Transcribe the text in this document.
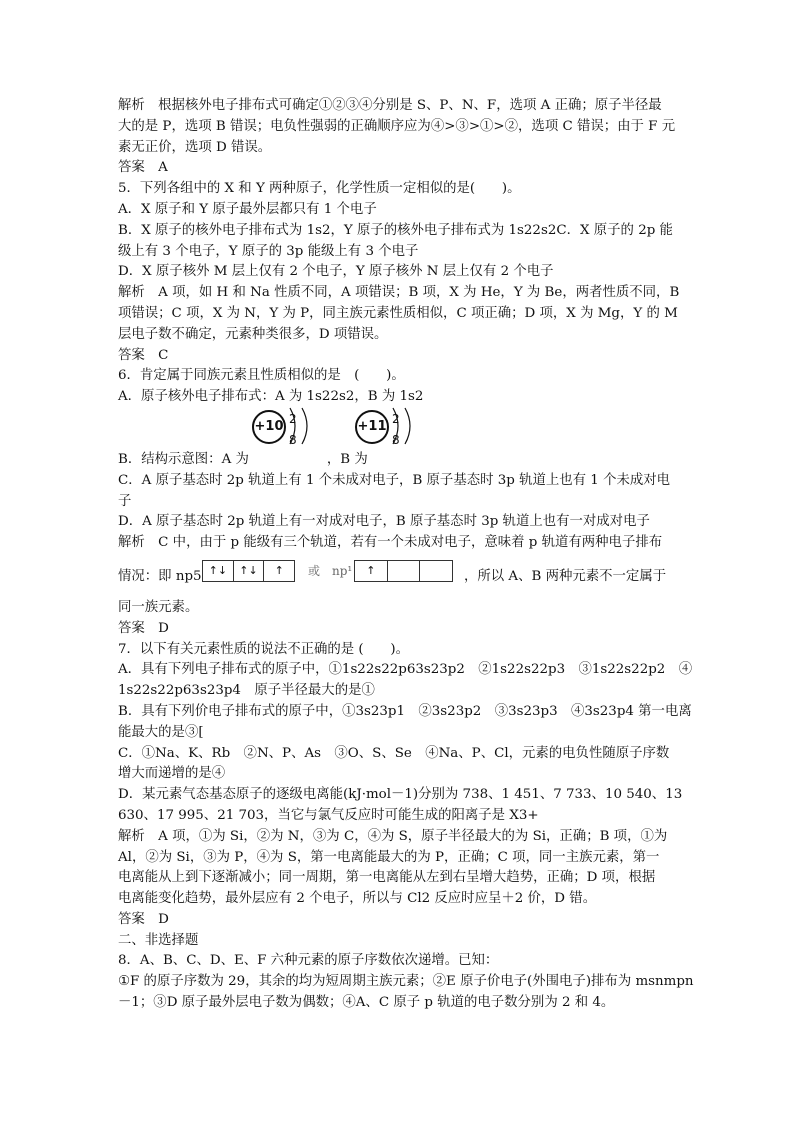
解析　根据核外电子排布式可确定①②③④分别是 S、P、N、F，选项 A 正确；原子半径最
大的是 P，选项 B 错误；电负性强弱的正确顺序应为④>③>①>②，选项 C 错误；由于 F 元
素无正价，选项 D 错误。
答案　A
5．下列各组中的 X 和 Y 两种原子，化学性质一定相似的是(　　)。
A．X 原子和 Y 原子最外层都只有 1 个电子
B．X 原子的核外电子排布式为 1s2，Y 原子的核外电子排布式为 1s22s2C．X 原子的 2p 能
级上有 3 个电子，Y 原子的 3p 能级上有 3 个电子
D．X 原子核外 M 层上仅有 2 个电子，Y 原子核外 N 层上仅有 2 个电子
解析　A 项，如 H 和 Na 性质不同，A 项错误；B 项，X 为 He，Y 为 Be，两者性质不同，B
项错误；C 项，X 为 N，Y 为 P，同主族元素性质相似，C 项正确；D 项，X 为 Mg，Y 的 M
层电子数不确定，元素种类很多，D 项错误。
答案　C
6．肯定属于同族元素且性质相似的是　(　　)。
A．原子核外电子排布式：A 为 1s22s2，B 为 1s2
+10 2 8
+11 2 8
B．结构示意图：A 为	，B 为
C．A 原子基态时 2p 轨道上有 1 个未成对电子，B 原子基态时 3p 轨道上也有 1 个未成对电
子
D．A 原子基态时 2p 轨道上有一对成对电子，B 原子基态时 3p 轨道上也有一对成对电子
解析　C 中，由于 p 能级有三个轨道，若有一个未成对电子，意味着 p 轨道有两种电子排布
情况：即 np5 ↑↓	↑↓	↑	或 np¹	↑	，所以 A、B 两种元素不一定属于
同一族元素。
答案　D
7．以下有关元素性质的说法不正确的是 (　　)。
A．具有下列电子排布式的原子中，①1s22s22p63s23p2　②1s22s22p3　③1s22s22p2　④
1s22s22p63s23p4　原子半径最大的是①
B．具有下列价电子排布式的原子中，①3s23p1　②3s23p2　③3s23p3　④3s23p4 第一电离
能最大的是③[
C．①Na、K、Rb　②N、P、As　③O、S、Se　④Na、P、Cl，元素的电负性随原子序数
增大而递增的是④
D．某元素气态基态原子的逐级电离能(kJ·mol－1)分别为 738、1 451、7 733、10 540、13
630、17 995、21 703，当它与氯气反应时可能生成的阳离子是 X3+
解析　A 项，①为 Si，②为 N，③为 C，④为 S，原子半径最大的为 Si，正确；B 项，①为
Al，②为 Si，③为 P，④为 S，第一电离能最大的为 P，正确；C 项，同一主族元素，第一
电离能从上到下逐渐减小；同一周期，第一电离能从左到右呈增大趋势，正确；D 项，根据
电离能变化趋势，最外层应有 2 个电子，所以与 Cl2 反应时应呈＋2 价，D 错。
答案　D
二、非选择题
8．A、B、C、D、E、F 六种元素的原子序数依次递增。已知：
①F 的原子序数为 29，其余的均为短周期主族元素；②E 原子价电子(外围电子)排布为 msnmpn
－1；③D 原子最外层电子数为偶数；④A、C 原子 p 轨道的电子数分别为 2 和 4。
